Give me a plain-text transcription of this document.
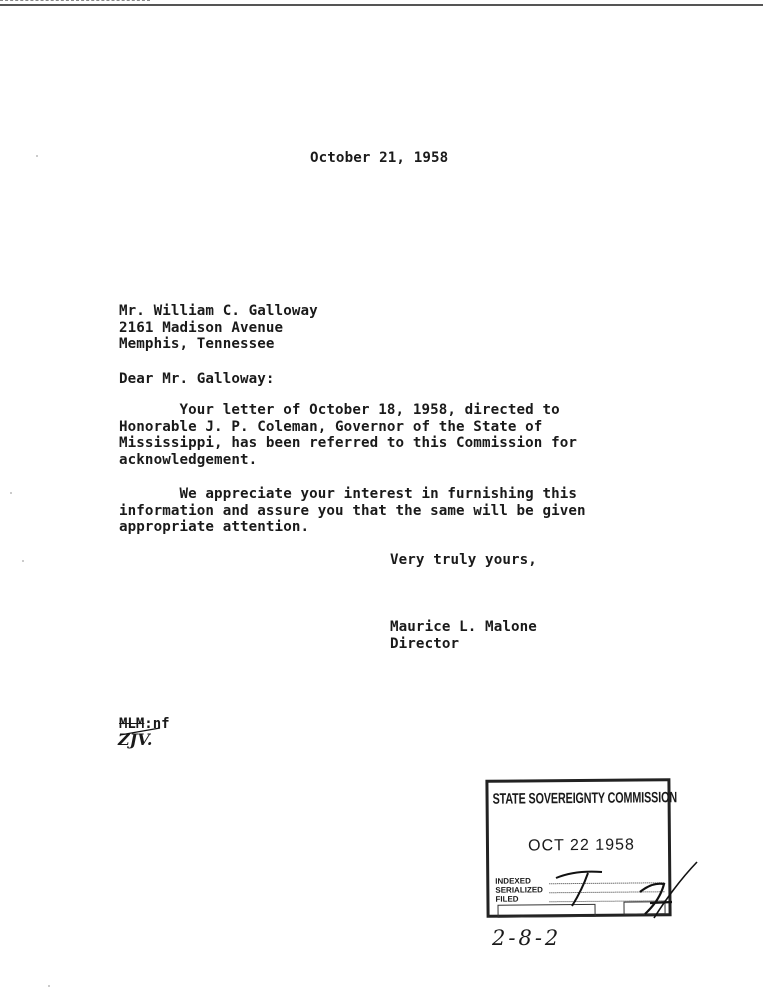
October 21, 1958
Mr. William C. Galloway
2161 Madison Avenue
Memphis, Tennessee
Dear Mr. Galloway:
Your letter of October 18, 1958, directed to
Honorable J. P. Coleman, Governor of the State of
Mississippi, has been referred to this Commission for
acknowledgement.
We appreciate your interest in furnishing this
information and assure you that the same will be given
appropriate attention.
Very truly yours,
Maurice L. Malone
Director
MLM:nf
ZJV.
STATE SOVEREIGNTY COMMISSION
OCT 22 1958
INDEXED
SERIALIZED
FILED
2-8-2
